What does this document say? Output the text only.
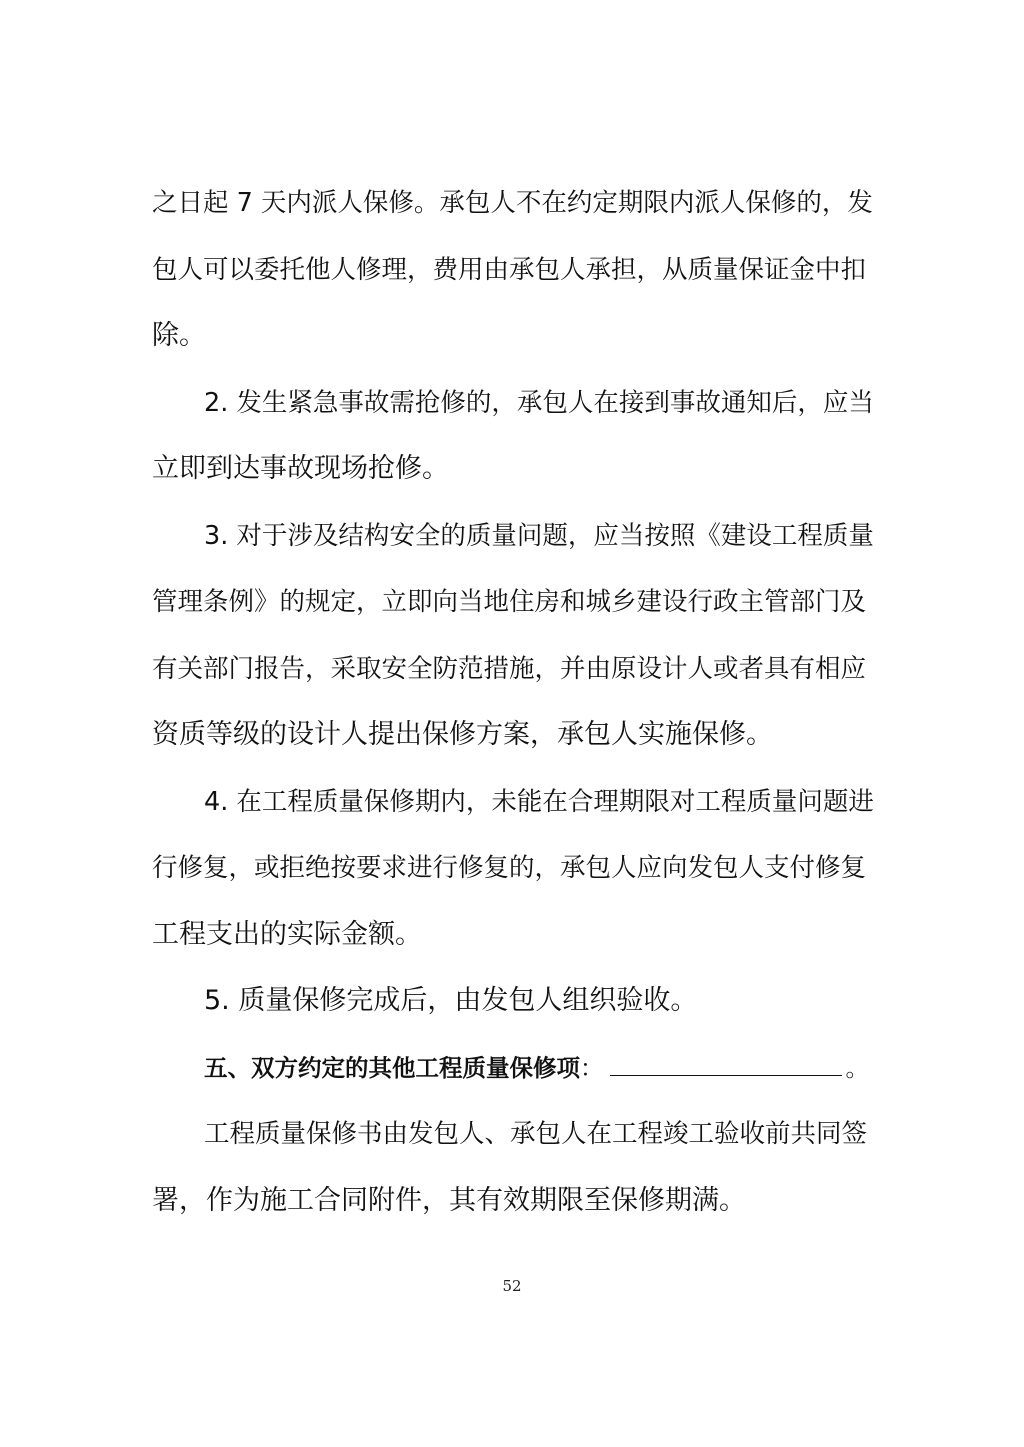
之日起 7 天内派人保修。承包人不在约定期限内派人保修的，发

包人可以委托他人修理，费用由承包人承担，从质量保证金中扣

除。

2. 发生紧急事故需抢修的，承包人在接到事故通知后，应当

立即到达事故现场抢修。

3. 对于涉及结构安全的质量问题，应当按照《建设工程质量

管理条例》的规定，立即向当地住房和城乡建设行政主管部门及

有关部门报告，采取安全防范措施，并由原设计人或者具有相应

资质等级的设计人提出保修方案，承包人实施保修。

4. 在工程质量保修期内，未能在合理期限对工程质量问题进

行修复，或拒绝按要求进行修复的，承包人应向发包人支付修复

工程支出的实际金额。

5. 质量保修完成后，由发包人组织验收。

五、双方约定的其他工程质量保修项：	。

工程质量保修书由发包人、承包人在工程竣工验收前共同签

署，作为施工合同附件，其有效期限至保修期满。

52
